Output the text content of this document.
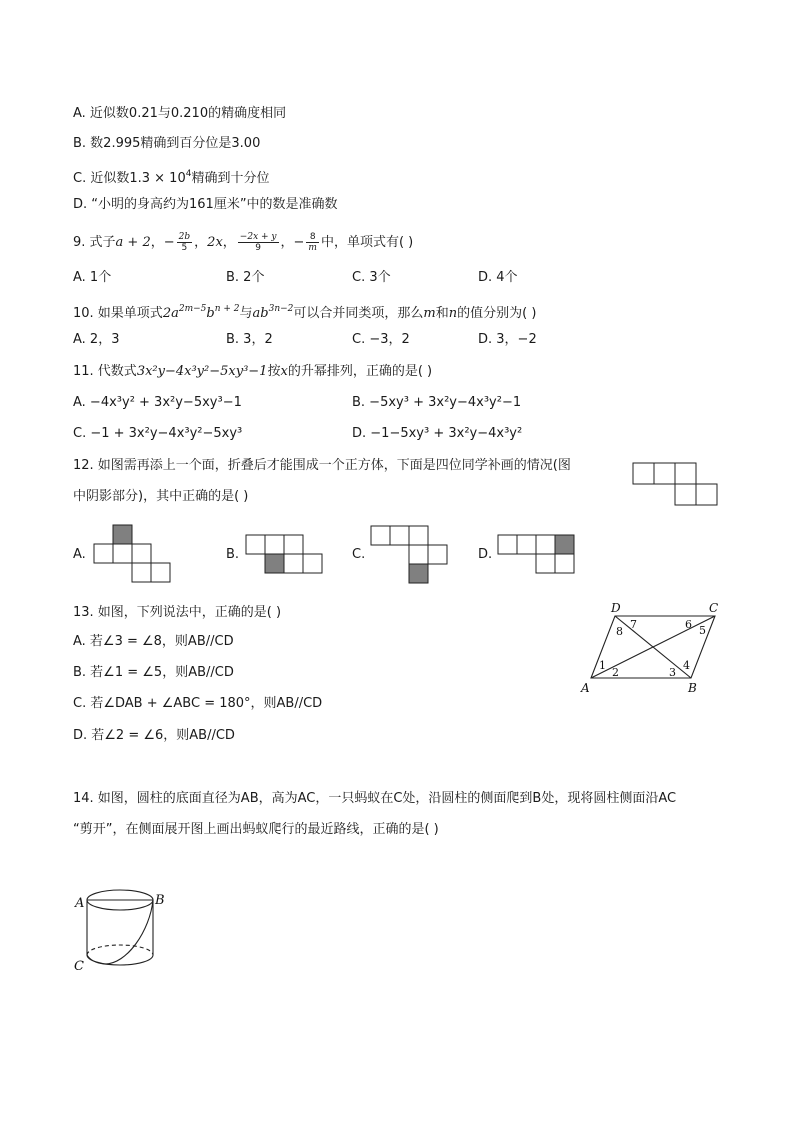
A. 近似数0.21与0.210的精确度相同
B. 数2.995精确到百分位是3.00
C. 近似数$1.3 \times 10^4$精确到十分位
D. “小明的身高约为161厘米”中的数是准确数
9. 式子a + 2，− $\frac{2b}{5}$ ，2x， $\frac{-2x + y}{9}$ ，− $\frac{8}{m}$ 中，单项式有( )
A. 1个	B. 2个	C. 3个	D. 4个
10. 如果单项式$2a^{2m-5}b^{n + 2}$与$ab^{3n-2}$可以合并同类项，那么m和n的值分别为( )
A. 2，3	B. 3，2	C. −3，2	D. 3，−2
11. 代数式3x²y−4x³y²−5xy³−1按x的升幂排列，正确的是( )
A. −4x³y² + 3x²y−5xy³−1	B. −5xy³ + 3x²y−4x³y²−1
C. −1 + 3x²y−4x³y²−5xy³	D. −1−5xy³ + 3x²y−4x³y²
12. 如图需再添上一个面，折叠后才能围成一个正方体，下面是四位同学补画的情况(图
中阴影部分)，其中正确的是( )
A.	B.	C.	D.
13. 如图，下列说法中，正确的是( )
A. 若∠3 = ∠8，则AB//CD
B. 若∠1 = ∠5，则AB//CD
C. 若∠DAB + ∠ABC = 180°，则AB//CD
D. 若∠2 = ∠6，则AB//CD
A	B
C
D
1
2	3
4
5
6
7
8
14. 如图，圆柱的底面直径为AB，高为AC，一只蚂蚁在C处，沿圆柱的侧面爬到B处，现将圆柱侧面沿AC
“剪开”，在侧面展开图上画出蚂蚁爬行的最近路线，正确的是( )
A	B
C
